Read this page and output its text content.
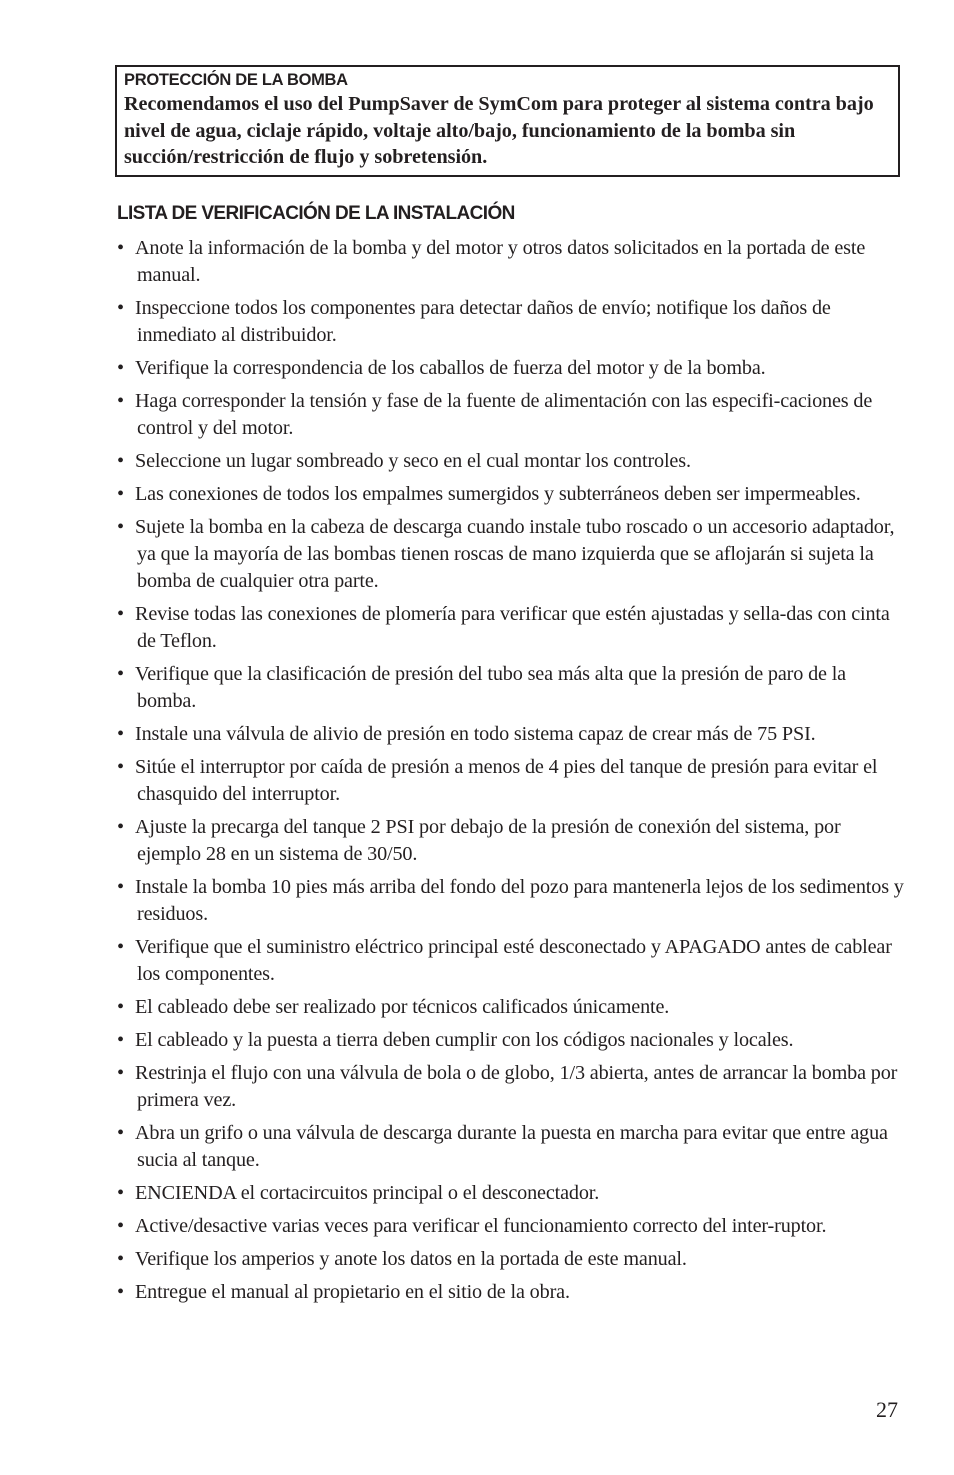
PROTECCIÓN DE LA BOMBA

Recomendamos el uso del PumpSaver de SymCom para proteger al sistema contra bajo nivel de agua, ciclaje rápido, voltaje alto/bajo, funcionamiento de la bomba sin succión/restricción de flujo y sobretensión.

LISTA DE VERIFICACIÓN DE LA INSTALACIÓN
• Anote la información de la bomba y del motor y otros datos solicitados en la portada de este manual.
• Inspeccione todos los componentes para detectar daños de envío; notifique los daños de inmediato al distribuidor.
• Verifique la correspondencia de los caballos de fuerza del motor y de la bomba.
• Haga corresponder la tensión y fase de la fuente de alimentación con las especifi-caciones de control y del motor.
• Seleccione un lugar sombreado y seco en el cual montar los controles.
• Las conexiones de todos los empalmes sumergidos y subterráneos deben ser impermeables.
• Sujete la bomba en la cabeza de descarga cuando instale tubo roscado o un accesorio adaptador, ya que la mayoría de las bombas tienen roscas de mano izquierda que se aflojarán si sujeta la bomba de cualquier otra parte.
• Revise todas las conexiones de plomería para verificar que estén ajustadas y sella-das con cinta de Teflon.
• Verifique que la clasificación de presión del tubo sea más alta que la presión de paro de la bomba.
• Instale una válvula de alivio de presión en todo sistema capaz de crear más de 75 PSI.
• Sitúe el interruptor por caída de presión a menos de 4 pies del tanque de presión para evitar el chasquido del interruptor.
• Ajuste la precarga del tanque 2 PSI por debajo de la presión de conexión del sistema, por ejemplo 28 en un sistema de 30/50.
• Instale la bomba 10 pies más arriba del fondo del pozo para mantenerla lejos de los sedimentos y residuos.
• Verifique que el suministro eléctrico principal esté desconectado y APAGADO antes de cablear los componentes.
• El cableado debe ser realizado por técnicos calificados únicamente.
• El cableado y la puesta a tierra deben cumplir con los códigos nacionales y locales.
• Restrinja el flujo con una válvula de bola o de globo, 1/3 abierta, antes de arrancar la bomba por primera vez.
• Abra un grifo o una válvula de descarga durante la puesta en marcha para evitar que entre agua sucia al tanque.
• ENCIENDA el cortacircuitos principal o el desconectador.
• Active/desactive varias veces para verificar el funcionamiento correcto del inter-ruptor.
• Verifique los amperios y anote los datos en la portada de este manual.
• Entregue el manual al propietario en el sitio de la obra.
27
